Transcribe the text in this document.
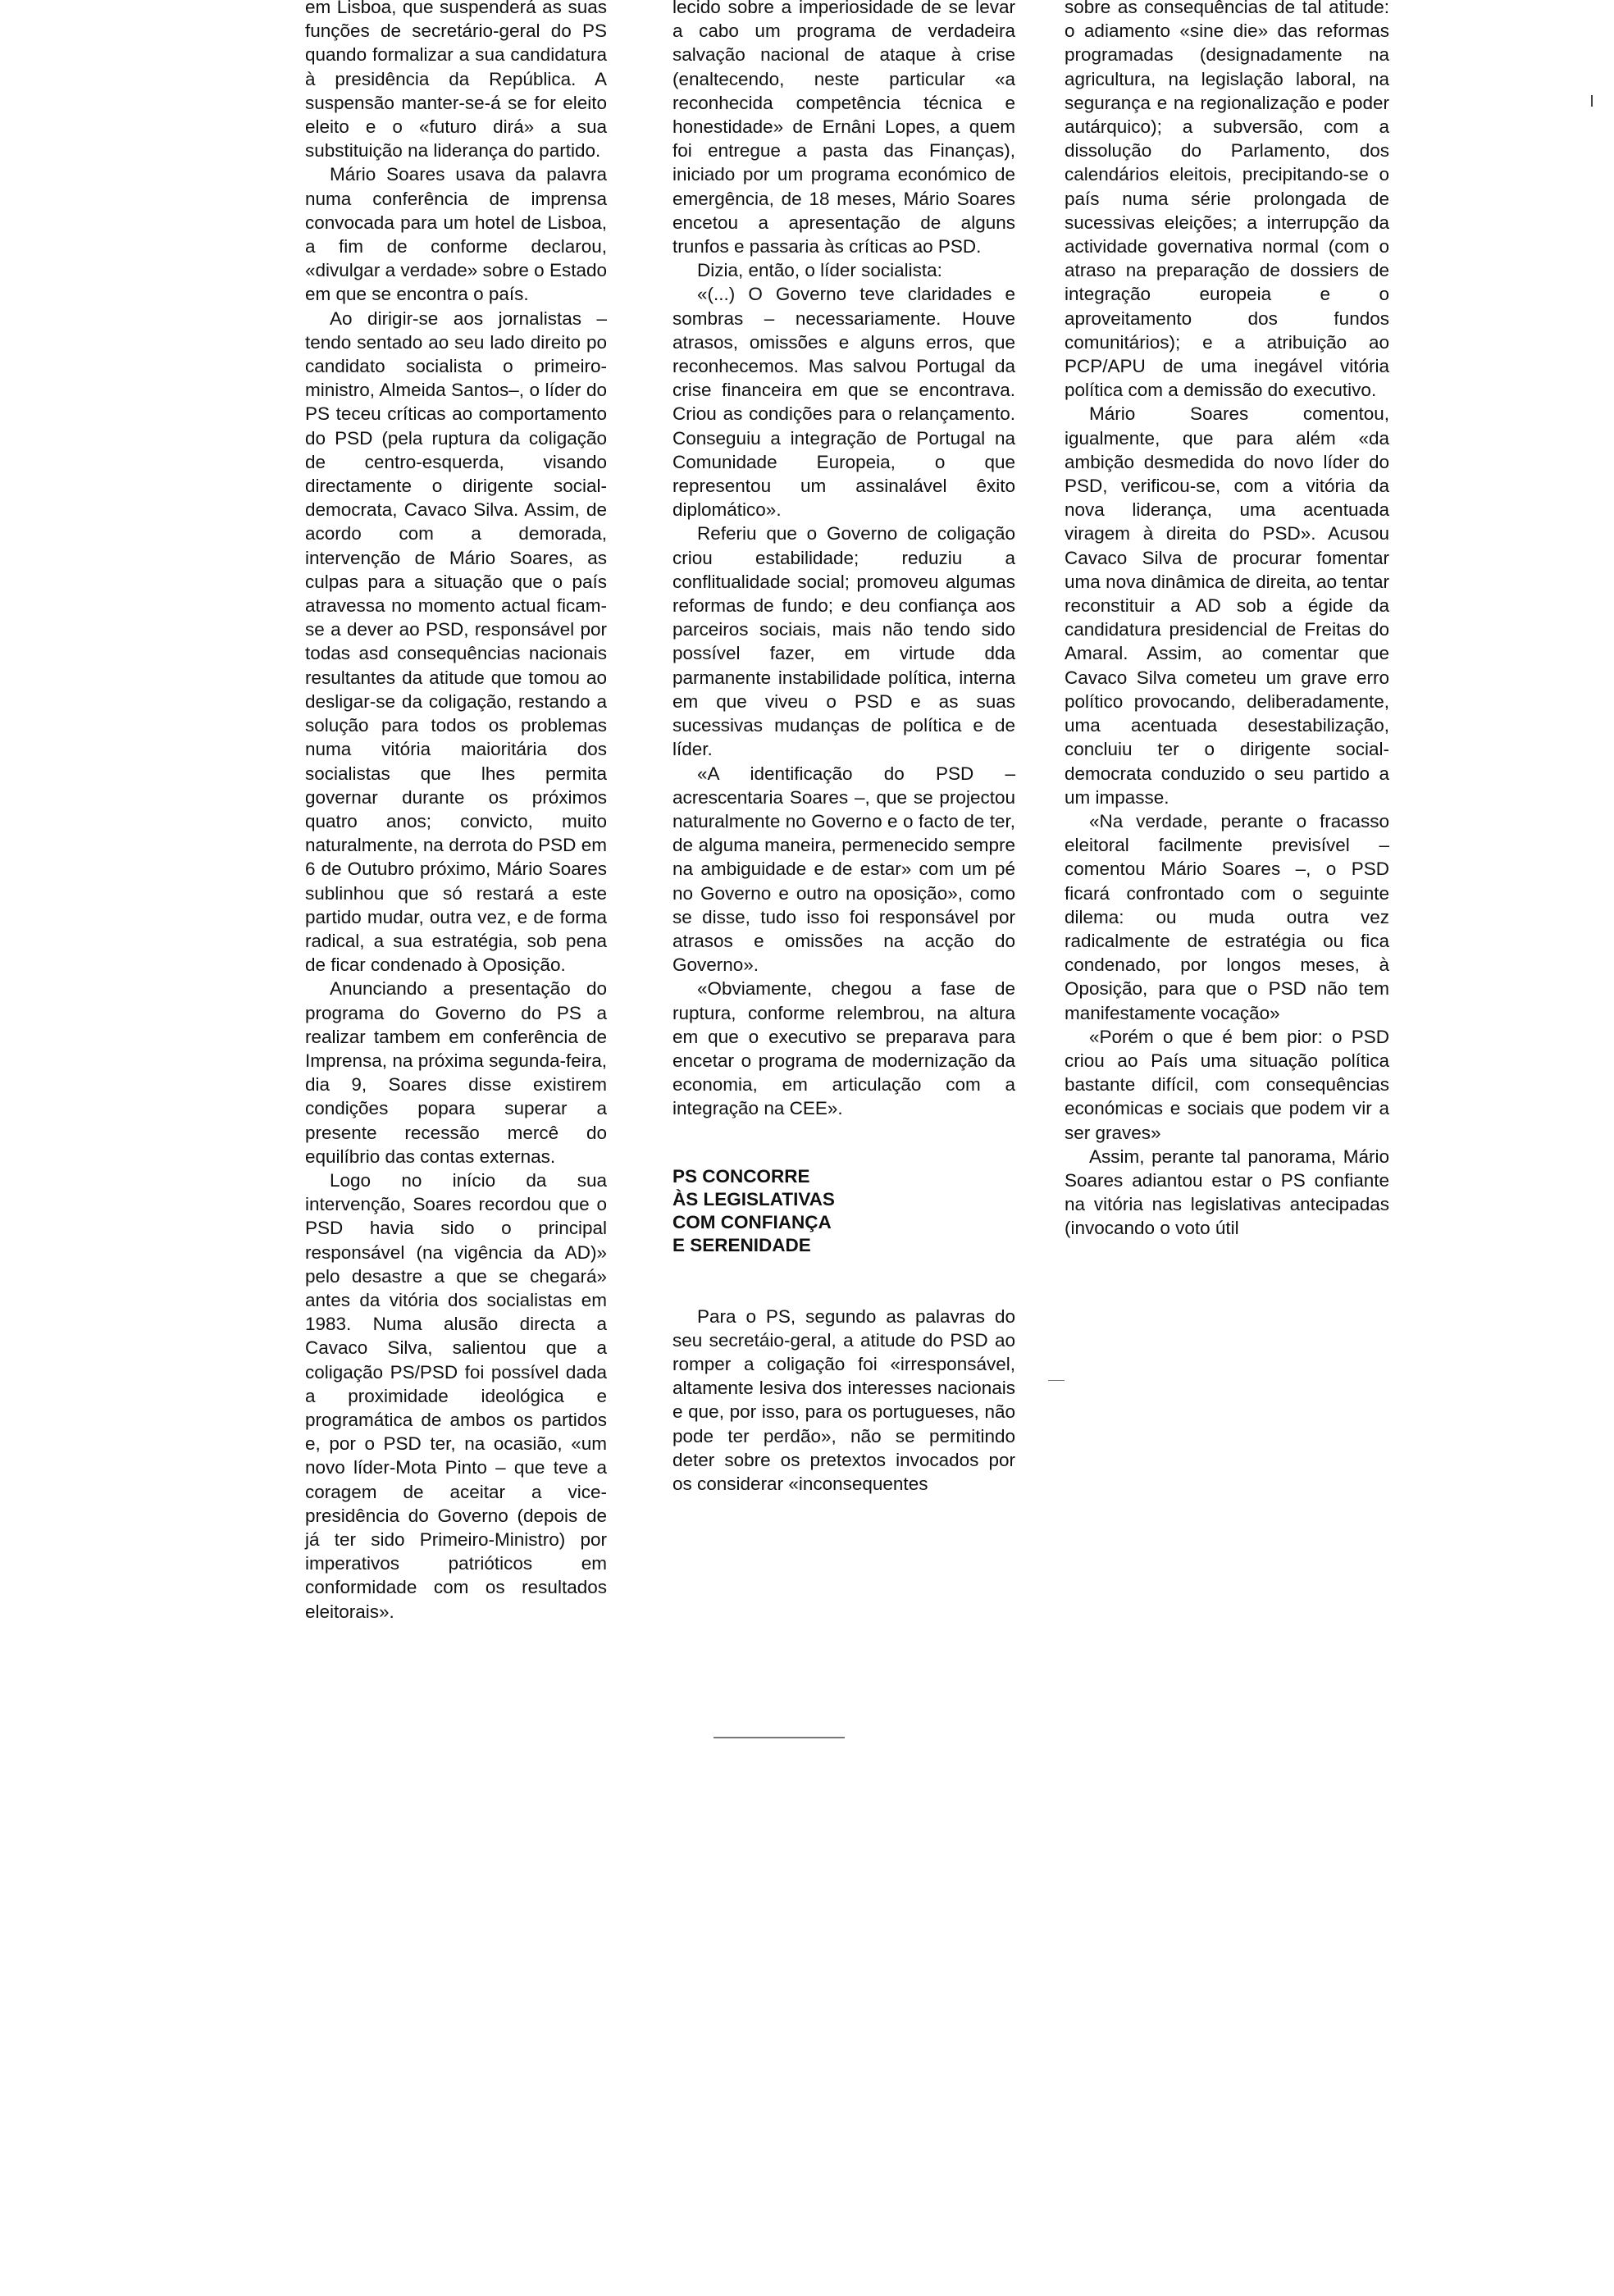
em Lisboa, que suspenderá as suas funções de secretário-geral do PS quando formalizar a sua candidatura à presidência da República. A suspensão manter-se-á se for eleito eleito e o «futuro dirá» a sua substituição na liderança do partido.

Mário Soares usava da palavra numa conferência de imprensa convocada para um hotel de Lisboa, a fim de conforme declarou, «divulgar a verdade» sobre o Estado em que se encontra o país.

Ao dirigir-se aos jornalistas – tendo sentado ao seu lado direito po candidato socialista o primeiro-ministro, Almeida Santos–, o líder do PS teceu críticas ao comportamento do PSD (pela ruptura da coligação de centro-esquerda, visando directamente o dirigente social-democrata, Cavaco Silva. Assim, de acordo com a demorada, intervenção de Mário Soares, as culpas para a situação que o país atravessa no momento actual ficam-se a dever ao PSD, responsável por todas asd consequências nacionais resultantes da atitude que tomou ao desligar-se da coligação, restando a solução para todos os problemas numa vitória maioritária dos socialistas que lhes permita governar durante os próximos quatro anos; convicto, muito naturalmente, na derrota do PSD em 6 de Outubro próximo, Mário Soares sublinhou que só restará a este partido mudar, outra vez, e de forma radical, a sua estratégia, sob pena de ficar condenado à Oposição.

Anunciando a presentação do programa do Governo do PS a realizar tambem em conferência de Imprensa, na próxima segunda-feira, dia 9, Soares disse existirem condições popara superar a presente recessão mercê do equilíbrio das contas externas.

Logo no início da sua intervenção, Soares recordou que o PSD havia sido o principal responsável (na vigência da AD)» pelo desastre a que se chegará» antes da vitória dos socialistas em 1983. Numa alusão directa a Cavaco Silva, salientou que a coligação PS/PSD foi possível dada a proximidade ideológica e programática de ambos os partidos e, por o PSD ter, na ocasião, «um novo líder-Mota Pinto – que teve a coragem de aceitar a vice-presidência do Governo (depois de já ter sido Primeiro-Ministro) por imperativos patrióticos em conformidade com os resultados eleitorais».

lecido sobre a imperiosidade de se levar a cabo um programa de verdadeira salvação nacional de ataque à crise (enaltecendo, neste particular «a reconhecida competência técnica e honestidade» de Ernâni Lopes, a quem foi entregue a pasta das Finanças), iniciado por um programa económico de emergência, de 18 meses, Mário Soares encetou a apresentação de alguns trunfos e passaria às críticas ao PSD.

Dizia, então, o líder socialista:

«(...) O Governo teve claridades e sombras – necessariamente. Houve atrasos, omissões e alguns erros, que reconhecemos. Mas salvou Portugal da crise financeira em que se encontrava. Criou as condições para o relançamento. Conseguiu a integração de Portugal na Comunidade Europeia, o que representou um assinalável êxito diplomático».

Referiu que o Governo de coligação criou estabilidade; reduziu a conflitualidade social; promoveu algumas reformas de fundo; e deu confiança aos parceiros sociais, mais não tendo sido possível fazer, em virtude dda parmanente instabilidade política, interna em que viveu o PSD e as suas sucessivas mudanças de política e de líder.

«A identificação do PSD – acrescentaria Soares –, que se projectou naturalmente no Governo e o facto de ter, de alguma maneira, permenecido sempre na ambiguidade e de estar» com um pé no Governo e outro na oposição», como se disse, tudo isso foi responsável por atrasos e omissões na acção do Governo».

«Obviamente, chegou a fase de ruptura, conforme relembrou, na altura em que o executivo se preparava para encetar o programa de modernização da economia, em articulação com a integração na CEE».

PS CONCORRE
ÀS LEGISLATIVAS
COM CONFIANÇA
E SERENIDADE

Para o PS, segundo as palavras do seu secretáio-geral, a atitude do PSD ao romper a coligação foi «irresponsável, altamente lesiva dos interesses nacionais e que, por isso, para os portugueses, não pode ter perdão», não se permitindo deter sobre os pretextos invocados por os considerar «inconsequentes

sobre as consequências de tal atitude: o adiamento «sine die» das reformas programadas (designadamente na agricultura, na legislação laboral, na segurança e na regionalização e poder autárquico); a subversão, com a dissolução do Parlamento, dos calendários eleitois, precipitando-se o país numa série prolongada de sucessivas eleições; a interrupção da actividade governativa normal (com o atraso na preparação de dossiers de integração europeia e o aproveitamento dos fundos comunitários); e a atribuição ao PCP/APU de uma inegável vitória política com a demissão do executivo.

Mário Soares comentou, igualmente, que para além «da ambição desmedida do novo líder do PSD, verificou-se, com a vitória da nova liderança, uma acentuada viragem à direita do PSD». Acusou Cavaco Silva de procurar fomentar uma nova dinâmica de direita, ao tentar reconstituir a AD sob a égide da candidatura presidencial de Freitas do Amaral. Assim, ao comentar que Cavaco Silva cometeu um grave erro político provocando, deliberadamente, uma acentuada desestabilização, concluiu ter o dirigente social-democrata conduzido o seu partido a um impasse.

«Na verdade, perante o fracasso eleitoral facilmente previsível – comentou Mário Soares –, o PSD ficará confrontado com o seguinte dilema: ou muda outra vez radicalmente de estratégia ou fica condenado, por longos meses, à Oposição, para que o PSD não tem manifestamente vocação»

«Porém o que é bem pior: o PSD criou ao País uma situação política bastante difícil, com consequências económicas e sociais que podem vir a ser graves»

Assim, perante tal panorama, Mário Soares adiantou estar o PS confiante na vitória nas legislativas antecipadas (invocando o voto útil
